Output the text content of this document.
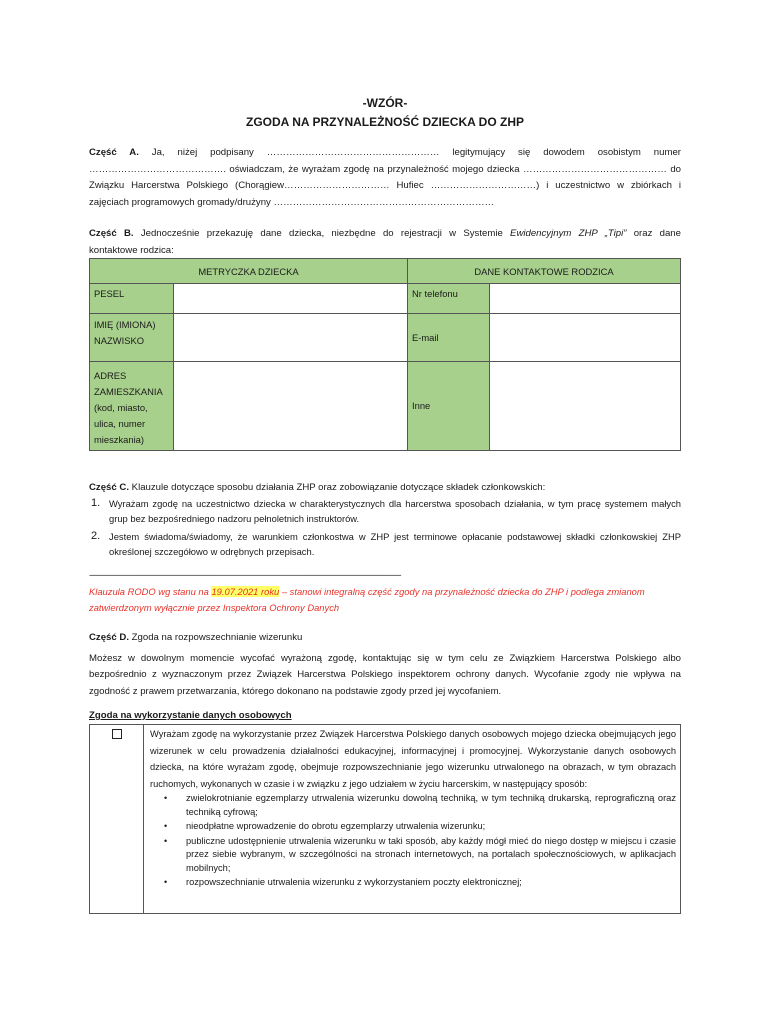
-WZÓR-
ZGODA NA PRZYNALEŻNOŚĆ DZIECKA DO ZHP
Część A. Ja, niżej podpisany ……………………………………………… legitymujący się dowodem osobistym numer
……………………………………. oświadczam, że wyrażam zgodę na przynależność mojego dziecka ……………………………………… do
Związku Harcerstwa Polskiego (Chorągiew…………………………… Hufiec ……………………………) i uczestnictwo w zbiórkach i
zajęciach programowych gromady/drużyny ……………………………………………………………
Część B. Jednocześnie przekazuję dane dziecka, niezbędne do rejestracji w Systemie Ewidencyjnym ZHP „Tipi” oraz dane
kontaktowe rodzica:
METRYCZKA DZIECKA		DANE KONTAKTOWE RODZICA	
PESEL		Nr telefonu	

IMIĘ (IMIONA)
NAZWISKO		E-mail	
ADRES ZAMIESZKANIA (kod, miasto, ulica, numer mieszkania)		Inne	
Część C. Klauzule dotyczące sposobu działania ZHP oraz zobowiązanie dotyczące składek członkowskich:
1. Wyrażam zgodę na uczestnictwo dziecka w charakterystycznych dla harcerstwa sposobach działania, w tym pracę systemem małych grup bez bezpośredniego nadzoru pełnoletnich instruktorów.
2. Jestem świadoma/świadomy, że warunkiem członkostwa w ZHP jest terminowe opłacanie podstawowej składki członkowskiej ZHP określonej szczegółowo w odrębnych przepisach.
------------------------------------------------------------------------------------------------------------------------------------------------------------
Klauzula RODO wg stanu na 19.07.2021 roku – stanowi integralną część zgody na przynależność dziecka do ZHP i podlega zmianom zatwierdzonym wyłącznie przez Inspektora Ochrony Danych
Część D. Zgoda na rozpowszechnianie wizerunku
Możesz w dowolnym momencie wycofać wyrażoną zgodę, kontaktując się w tym celu ze Związkiem Harcerstwa Polskiego albo bezpośrednio z wyznaczonym przez Związek Harcerstwa Polskiego inspektorem ochrony danych. Wycofanie zgody nie wpływa na zgodność z prawem przetwarzania, którego dokonano na podstawie zgody przed jej wycofaniem.
Zgoda na wykorzystanie danych osobowych
Wyrażam zgodę na wykorzystanie przez Związek Harcerstwa Polskiego danych osobowych mojego dziecka obejmujących jego wizerunek w celu prowadzenia działalności edukacyjnej, informacyjnej i promocyjnej. Wykorzystanie danych osobowych dziecka, na które wyrażam zgodę, obejmuje rozpowszechnianie jego wizerunku utrwalonego na obrazach, w tym obrazach ruchomych, wykonanych w czasie i w związku z jego udziałem w życiu harcerskim, w następujący sposób:
• zwielokrotnianie egzemplarzy utrwalenia wizerunku dowolną techniką, w tym techniką drukarską, reprograficzną oraz techniką cyfrową;
• nieodpłatne wprowadzenie do obrotu egzemplarzy utrwalenia wizerunku;
• publiczne udostępnienie utrwalenia wizerunku w taki sposób, aby każdy mógł mieć do niego dostęp w miejscu i czasie przez siebie wybranym, w szczególności na stronach internetowych, na portalach społecznościowych, w aplikacjach mobilnych;
• rozpowszechnianie utrwalenia wizerunku z wykorzystaniem poczty elektronicznej;
